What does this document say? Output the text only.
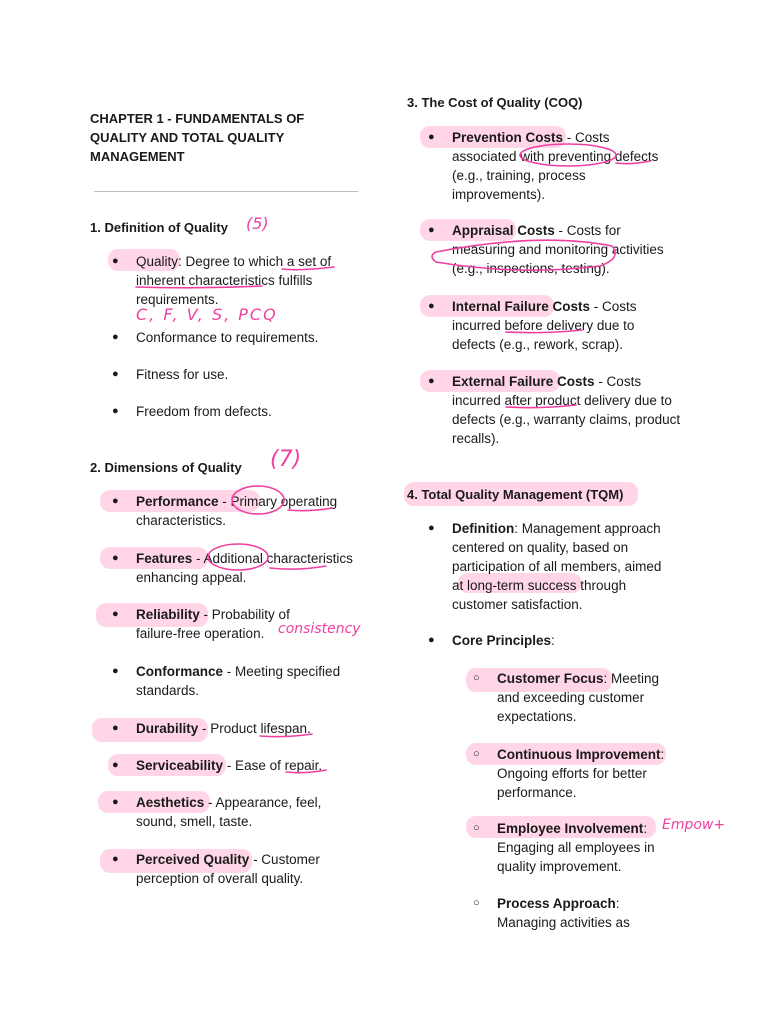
CHAPTER 1 - FUNDAMENTALS OF QUALITY AND TOTAL QUALITY MANAGEMENT
1. Definition of Quality (5)
● Quality: Degree to which a set of inherent characteristics fulfills requirements.
C, F, V, S, PCQ
● Conformance to requirements.
● Fitness for use.
● Freedom from defects.
2. Dimensions of Quality (7)
● Performance - Primary operating characteristics.
● Features - Additional characteristics enhancing appeal.
● Reliability - Probability of failure-free operation. consistency
● Conformance - Meeting specified standards.
● Durability - Product lifespan.
● Serviceability - Ease of repair.
● Aesthetics - Appearance, feel, sound, smell, taste.
● Perceived Quality - Customer perception of overall quality.
3. The Cost of Quality (COQ)
● Prevention Costs - Costs associated with preventing defects (e.g., training, process improvements).
● Appraisal Costs - Costs for measuring and monitoring activities (e.g., inspections, testing).
● Internal Failure Costs - Costs incurred before delivery due to defects (e.g., rework, scrap).
● External Failure Costs - Costs incurred after product delivery due to defects (e.g., warranty claims, product recalls).
4. Total Quality Management (TQM)
● Definition: Management approach centered on quality, based on participation of all members, aimed at long-term success through customer satisfaction.
● Core Principles:
○ Customer Focus: Meeting and exceeding customer expectations.
○ Continuous Improvement: Ongoing efforts for better performance.
○ Employee Involvement: Engaging all employees in quality improvement.
Empow+
○ Process Approach: Managing activities as
